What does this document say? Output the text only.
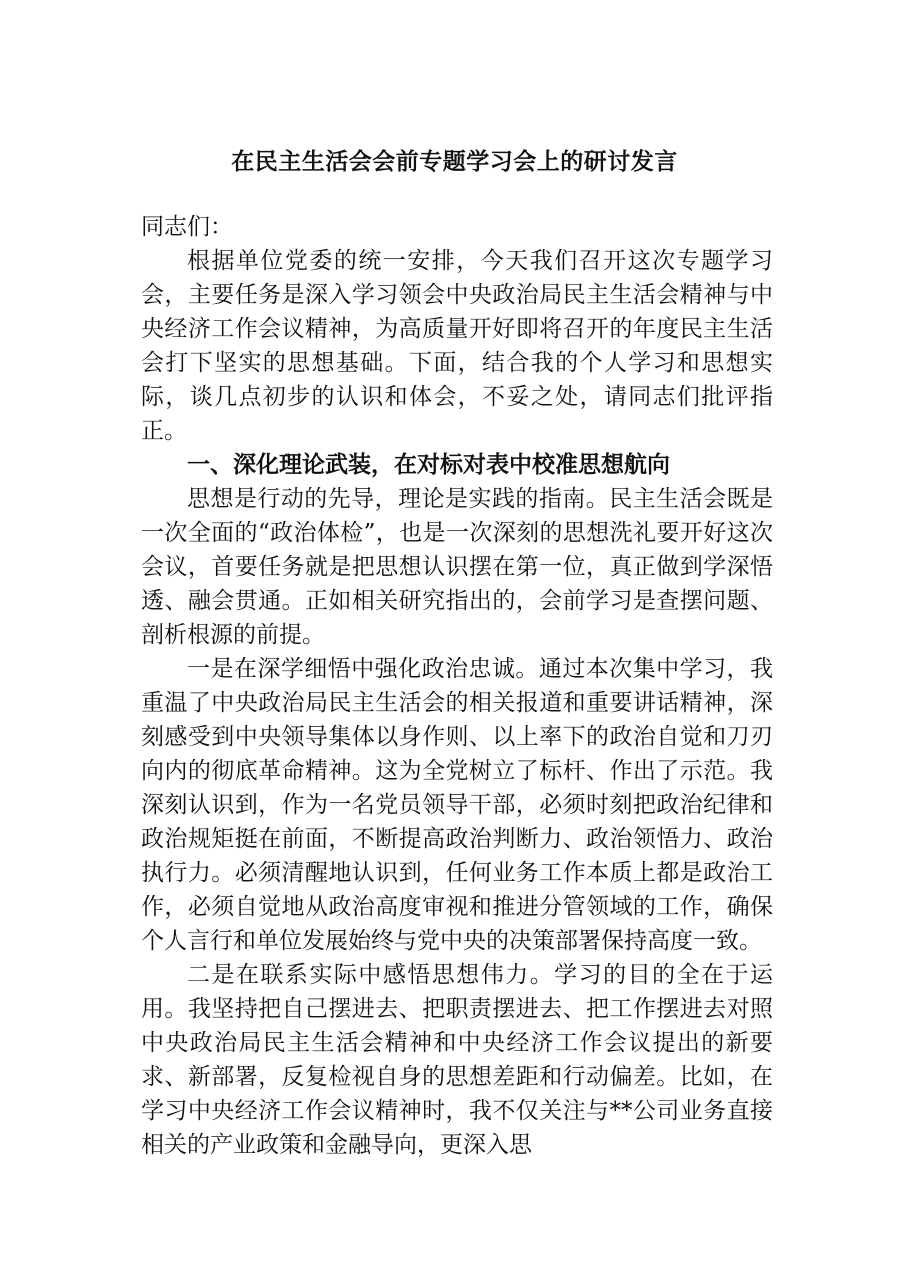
在民主生活会会前专题学习会上的研讨发言

同志们：

根据单位党委的统一安排，今天我们召开这次专题学习会，主要任务是深入学习领会中央政治局民主生活会精神与中央经济工作会议精神，为高质量开好即将召开的年度民主生活会打下坚实的思想基础。下面，结合我的个人学习和思想实际，谈几点初步的认识和体会，不妥之处，请同志们批评指正。

一、深化理论武装，在对标对表中校准思想航向

思想是行动的先导，理论是实践的指南。民主生活会既是一次全面的“政治体检”，也是一次深刻的思想洗礼要开好这次会议，首要任务就是把思想认识摆在第一位，真正做到学深悟透、融会贯通。正如相关研究指出的，会前学习是查摆问题、剖析根源的前提。

一是在深学细悟中强化政治忠诚。通过本次集中学习，我重温了中央政治局民主生活会的相关报道和重要讲话精神，深刻感受到中央领导集体以身作则、以上率下的政治自觉和刀刃向内的彻底革命精神。这为全党树立了标杆、作出了示范。我深刻认识到，作为一名党员领导干部，必须时刻把政治纪律和政治规矩挺在前面，不断提高政治判断力、政治领悟力、政治执行力。必须清醒地认识到，任何业务工作本质上都是政治工作，必须自觉地从政治高度审视和推进分管领域的工作，确保个人言行和单位发展始终与党中央的决策部署保持高度一致。

二是在联系实际中感悟思想伟力。学习的目的全在于运用。我坚持把自己摆进去、把职责摆进去、把工作摆进去对照中央政治局民主生活会精神和中央经济工作会议提出的新要求、新部署，反复检视自身的思想差距和行动偏差。比如，在学习中央经济工作会议精神时，我不仅关注与**公司业务直接相关的产业政策和金融导向，更深入思
